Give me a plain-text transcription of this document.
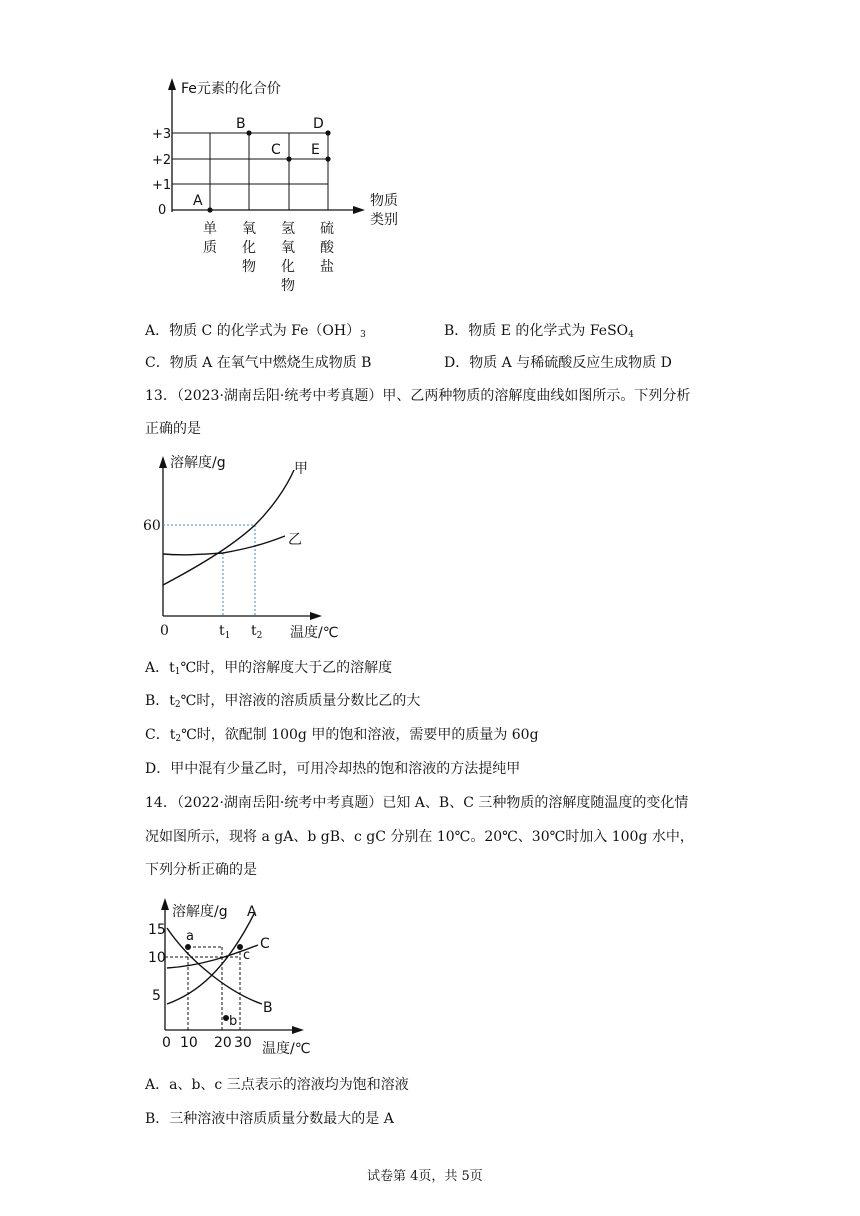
Fe元素的化合价
+3
+2
+1
0
A
B
C
D
E
物质
类别
单
质
氧
化
物
氢
氧
化
物
硫
酸
盐
A．物质 C 的化学式为 $Fe(OH)_3$	B．物质 E 的化学式为 FeSO$_4$
C．物质 A 在氧气中燃烧生成物质 B	D．物质 A 与稀硫酸反应生成物质 D
13．（2023·湖南岳阳·统考中考真题）甲、乙两种物质的溶解度曲线如图所示。下列分析
正确的是
溶解度/g	甲
乙
60
0	$t_1$ $t_2$ 温度/℃
A．$t_1℃$时，甲的溶解度大于乙的溶解度
B．$t_2℃$时，甲溶液的溶质质量分数比乙的大
C．$t_2℃$时，欲配制 100g 甲的饱和溶液，需要甲的质量为 60g
D．甲中混有少量乙时，可用冷却热的饱和溶液的方法提纯甲
14．（2022·湖南岳阳·统考中考真题）已知 A、B、C 三种物质的溶解度随温度的变化情
况如图所示，现将 a gA、b gB、c gC 分别在 10℃。20℃、30℃时加入 100g 水中，
下列分析正确的是
溶解度/g A
C
B
a
b
c
15
10
5
0 10 20 30 温度/℃
A．a、b、c 三点表示的溶液均为饱和溶液
B．三种溶液中溶质质量分数最大的是 A
试卷第 4页，共 5页
